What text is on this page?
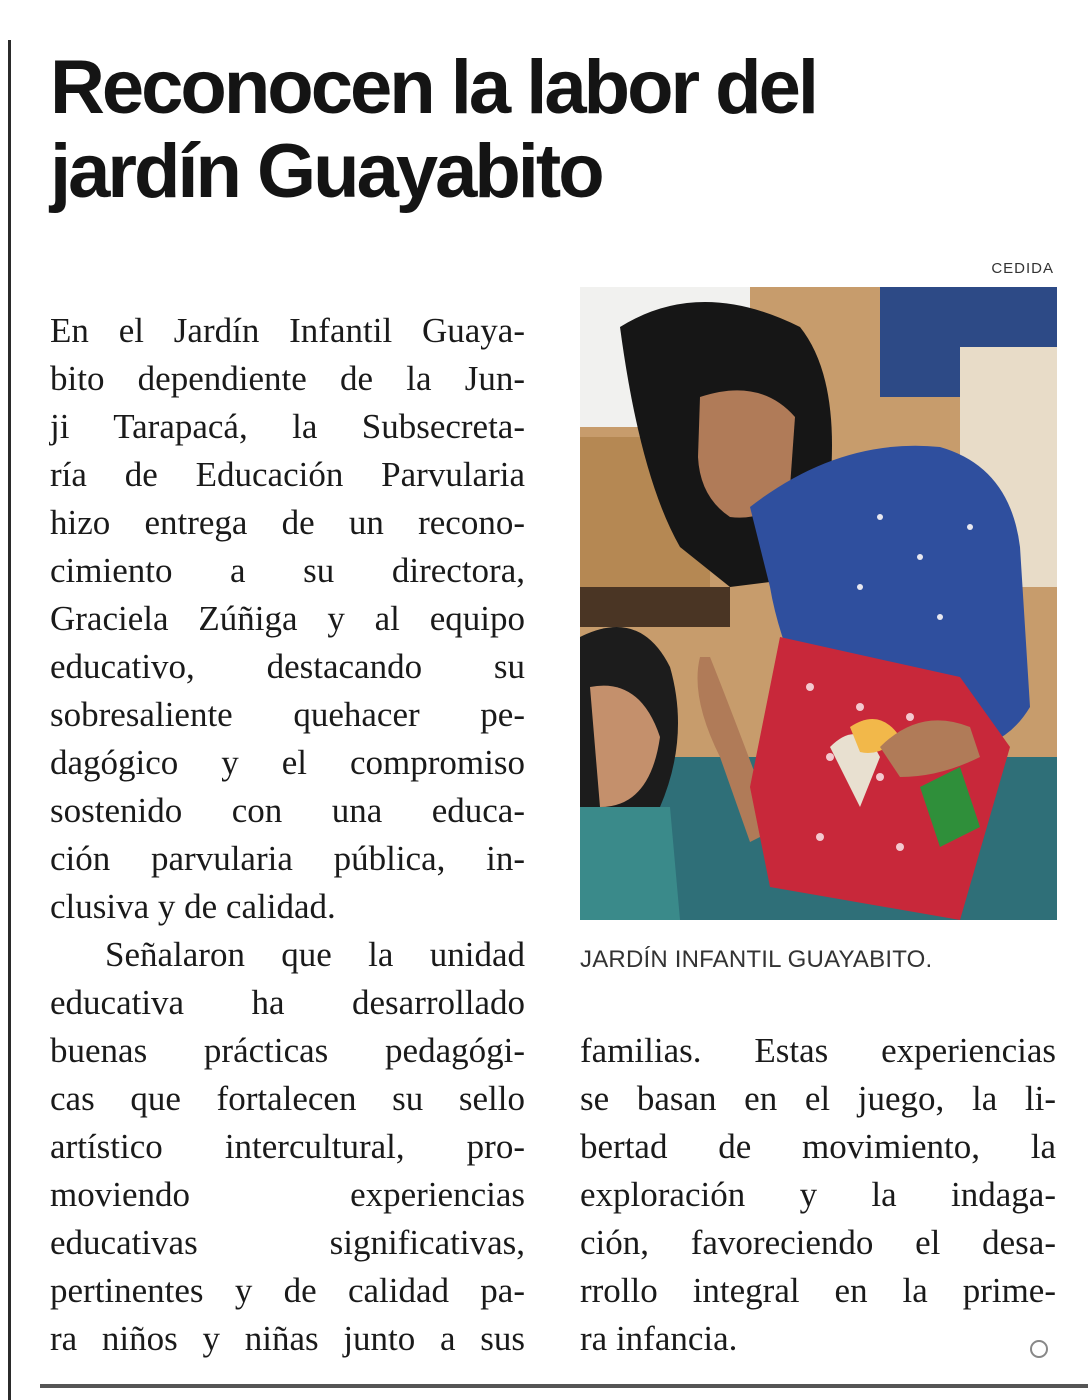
Reconocen la labor del
jardín Guayabito
CEDIDA
JARDÍN INFANTIL GUAYABITO.

En el Jardín Infantil Guaya-

bito dependiente de la Jun-

ji Tarapacá, la Subsecreta-

ría de Educación Parvularia

hizo entrega de un recono-

cimiento a su directora,

Graciela Zúñiga y al equipo

educativo, destacando su

sobresaliente quehacer pe-

dagógico y el compromiso

sostenido con una educa-

ción parvularia pública, in-

clusiva y de calidad.

Señalaron que la unidad

educativa ha desarrollado

buenas prácticas pedagógi-

cas que fortalecen su sello

artístico intercultural, pro-

moviendo experiencias

educativas significativas,

pertinentes y de calidad pa-

ra niños y niñas junto a sus

familias. Estas experiencias

se basan en el juego, la li-

bertad de movimiento, la

exploración y la indaga-

ción, favoreciendo el desa-

rrollo integral en la prime-

ra infancia.
